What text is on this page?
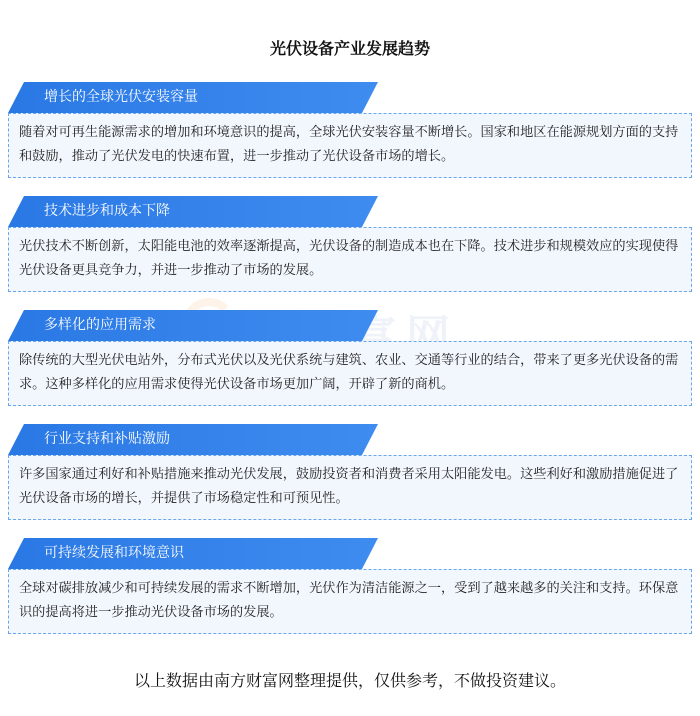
光伏设备产业发展趋势
增长的全球光伏安装容量
随着对可再生能源需求的增加和环境意识的提高，全球光伏安装容量不断增长。国家和地区在能源规划方面的支持和鼓励，推动了光伏发电的快速布置，进一步推动了光伏设备市场的增长。
技术进步和成本下降
光伏技术不断创新，太阳能电池的效率逐渐提高，光伏设备的制造成本也在下降。技术进步和规模效应的实现使得光伏设备更具竞争力，并进一步推动了市场的发展。
多样化的应用需求
除传统的大型光伏电站外，分布式光伏以及光伏系统与建筑、农业、交通等行业的结合，带来了更多光伏设备的需求。这种多样化的应用需求使得光伏设备市场更加广阔，开辟了新的商机。
行业支持和补贴激励
许多国家通过利好和补贴措施来推动光伏发展，鼓励投资者和消费者采用太阳能发电。这些利好和激励措施促进了光伏设备市场的增长，并提供了市场稳定性和可预见性。
可持续发展和环境意识
全球对碳排放减少和可持续发展的需求不断增加，光伏作为清洁能源之一，受到了越来越多的关注和支持。环保意识的提高将进一步推动光伏设备市场的发展。
以上数据由南方财富网整理提供，仅供参考，不做投资建议。
